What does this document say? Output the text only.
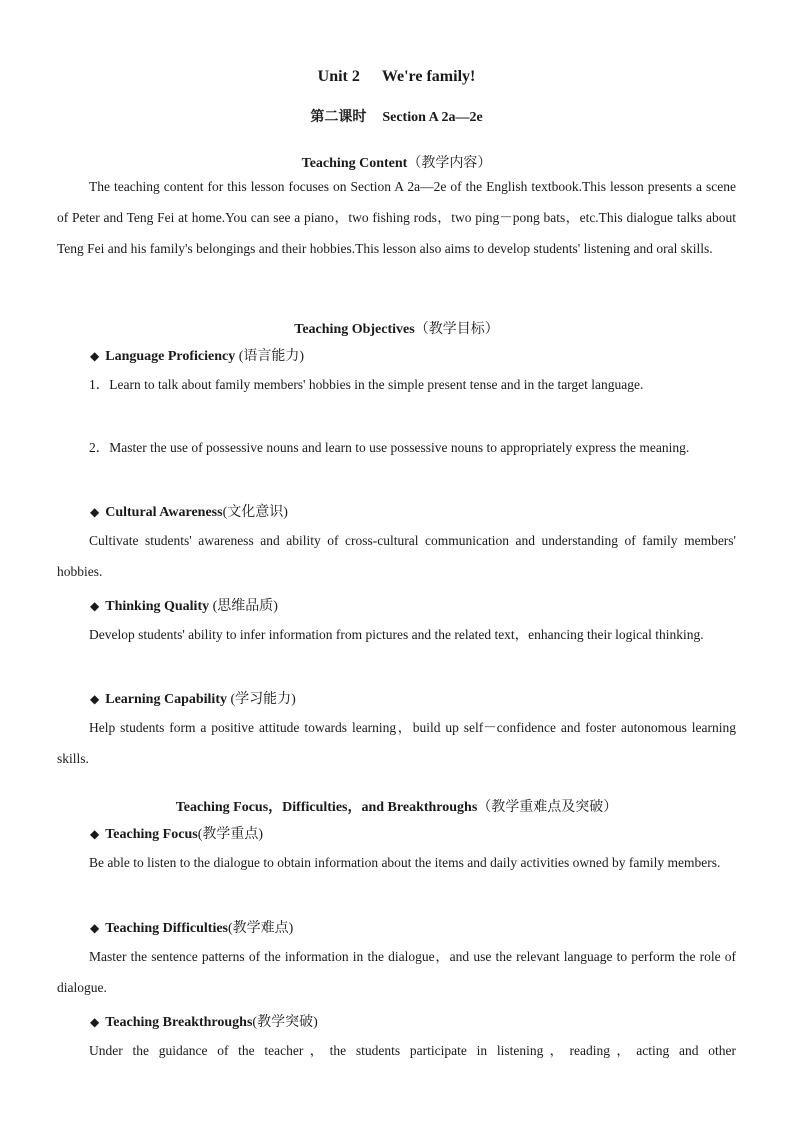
Unit 2 We're family!
第二课时 Section A 2a—2e
Teaching Content（教学内容）

The teaching content for this lesson focuses on Section A 2a—2e of the English textbook.This lesson presents a scene of Peter and Teng Fei at home.You can see a piano，two fishing rods，two ping－pong bats，etc.This dialogue talks about Teng Fei and his family's belongings and their hobbies.This lesson also aims to develop students' listening and oral skills.

Teaching Objectives（教学目标）
◆ Language Proficiency (语言能力)

1．Learn to talk about family members' hobbies in the simple present tense and in the target language.

2．Master the use of possessive nouns and learn to use possessive nouns to appropriately express the meaning.

◆ Cultural Awareness(文化意识)

Cultivate students' awareness and ability of cross-cultural communication and understanding of family members' hobbies.

◆ Thinking Quality (思维品质)

Develop students' ability to infer information from pictures and the related text，enhancing their logical thinking.

◆ Learning Capability (学习能力)

Help students form a positive attitude towards learning，build up self－confidence and foster autonomous learning skills.

Teaching Focus，Difficulties，and Breakthroughs（教学重难点及突破）
◆ Teaching Focus(教学重点)

Be able to listen to the dialogue to obtain information about the items and daily activities owned by family members.

◆ Teaching Difficulties(教学难点)

Master the sentence patterns of the information in the dialogue，and use the relevant language to perform the role of dialogue.

◆ Teaching Breakthroughs(教学突破)

Under the guidance of the teacher，the students participate in listening，reading，acting and other
